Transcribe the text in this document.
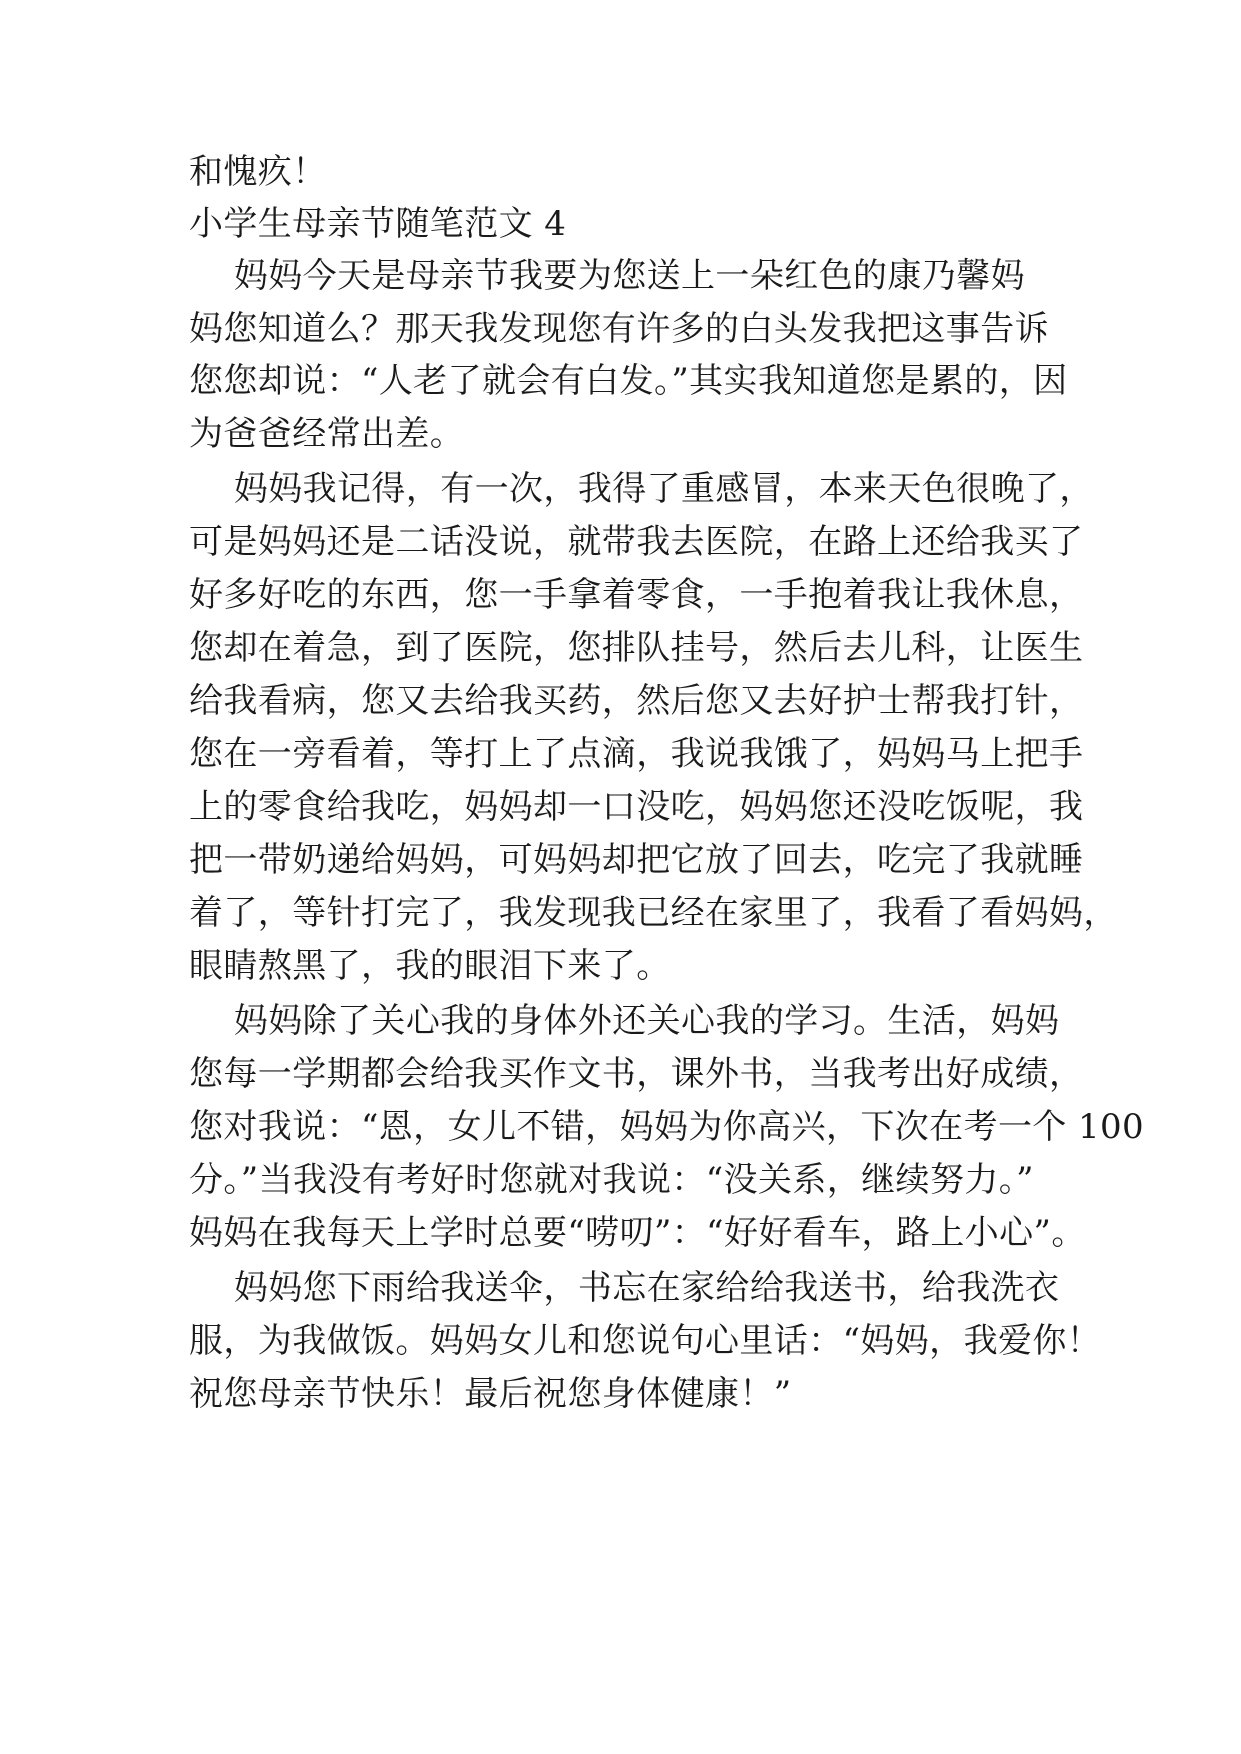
和愧疚！
小学生母亲节随笔范文 4
妈妈今天是母亲节我要为您送上一朵红色的康乃馨妈
妈您知道么？那天我发现您有许多的白头发我把这事告诉
您您却说：“人老了就会有白发。”其实我知道您是累的，因
为爸爸经常出差。
妈妈我记得，有一次，我得了重感冒，本来天色很晚了，
可是妈妈还是二话没说，就带我去医院，在路上还给我买了
好多好吃的东西，您一手拿着零食，一手抱着我让我休息，
您却在着急，到了医院，您排队挂号，然后去儿科，让医生
给我看病，您又去给我买药，然后您又去好护士帮我打针，
您在一旁看着，等打上了点滴，我说我饿了，妈妈马上把手
上的零食给我吃，妈妈却一口没吃，妈妈您还没吃饭呢，我
把一带奶递给妈妈，可妈妈却把它放了回去，吃完了我就睡
着了，等针打完了，我发现我已经在家里了，我看了看妈妈，
眼睛熬黑了，我的眼泪下来了。
妈妈除了关心我的身体外还关心我的学习。生活，妈妈
您每一学期都会给我买作文书，课外书，当我考出好成绩，
您对我说：“恩，女儿不错，妈妈为你高兴，下次在考一个 100
分。”当我没有考好时您就对我说：“没关系，继续努力。”
妈妈在我每天上学时总要“唠叨”：“好好看车，路上小心”。
妈妈您下雨给我送伞，书忘在家给给我送书，给我洗衣
服，为我做饭。妈妈女儿和您说句心里话：“妈妈，我爱你！
祝您母亲节快乐！最后祝您身体健康！”
